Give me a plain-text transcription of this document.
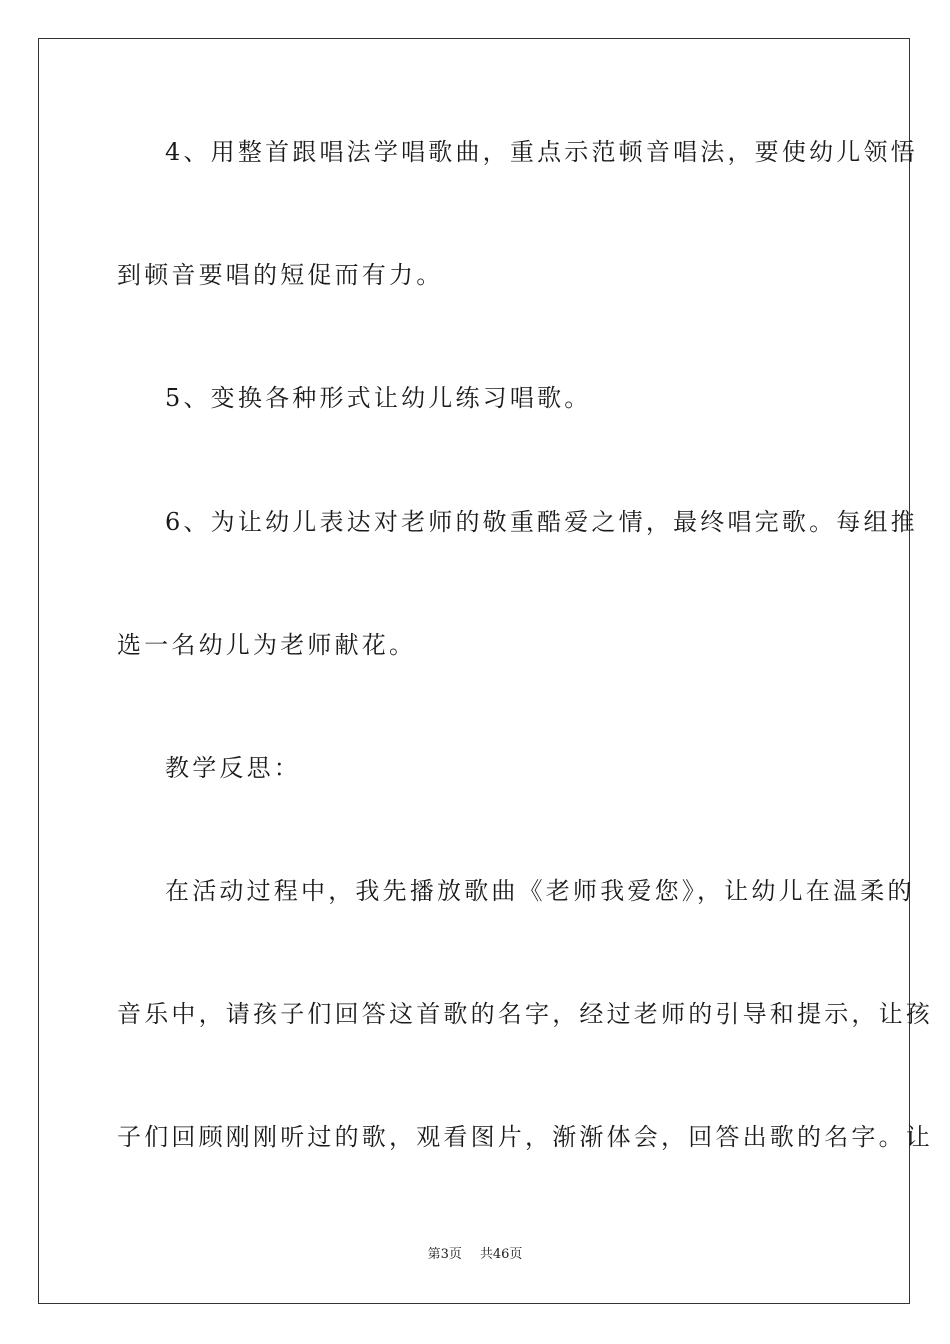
4、用整首跟唱法学唱歌曲，重点示范顿音唱法，要使幼儿领悟
到顿音要唱的短促而有力。
5、变换各种形式让幼儿练习唱歌。
6、为让幼儿表达对老师的敬重酷爱之情，最终唱完歌。每组推
选一名幼儿为老师献花。
教学反思：
在活动过程中，我先播放歌曲《老师我爱您》，让幼儿在温柔的
音乐中，请孩子们回答这首歌的名字，经过老师的引导和提示，让孩
子们回顾刚刚听过的歌，观看图片，渐渐体会，回答出歌的名字。让
第3页 共46页
